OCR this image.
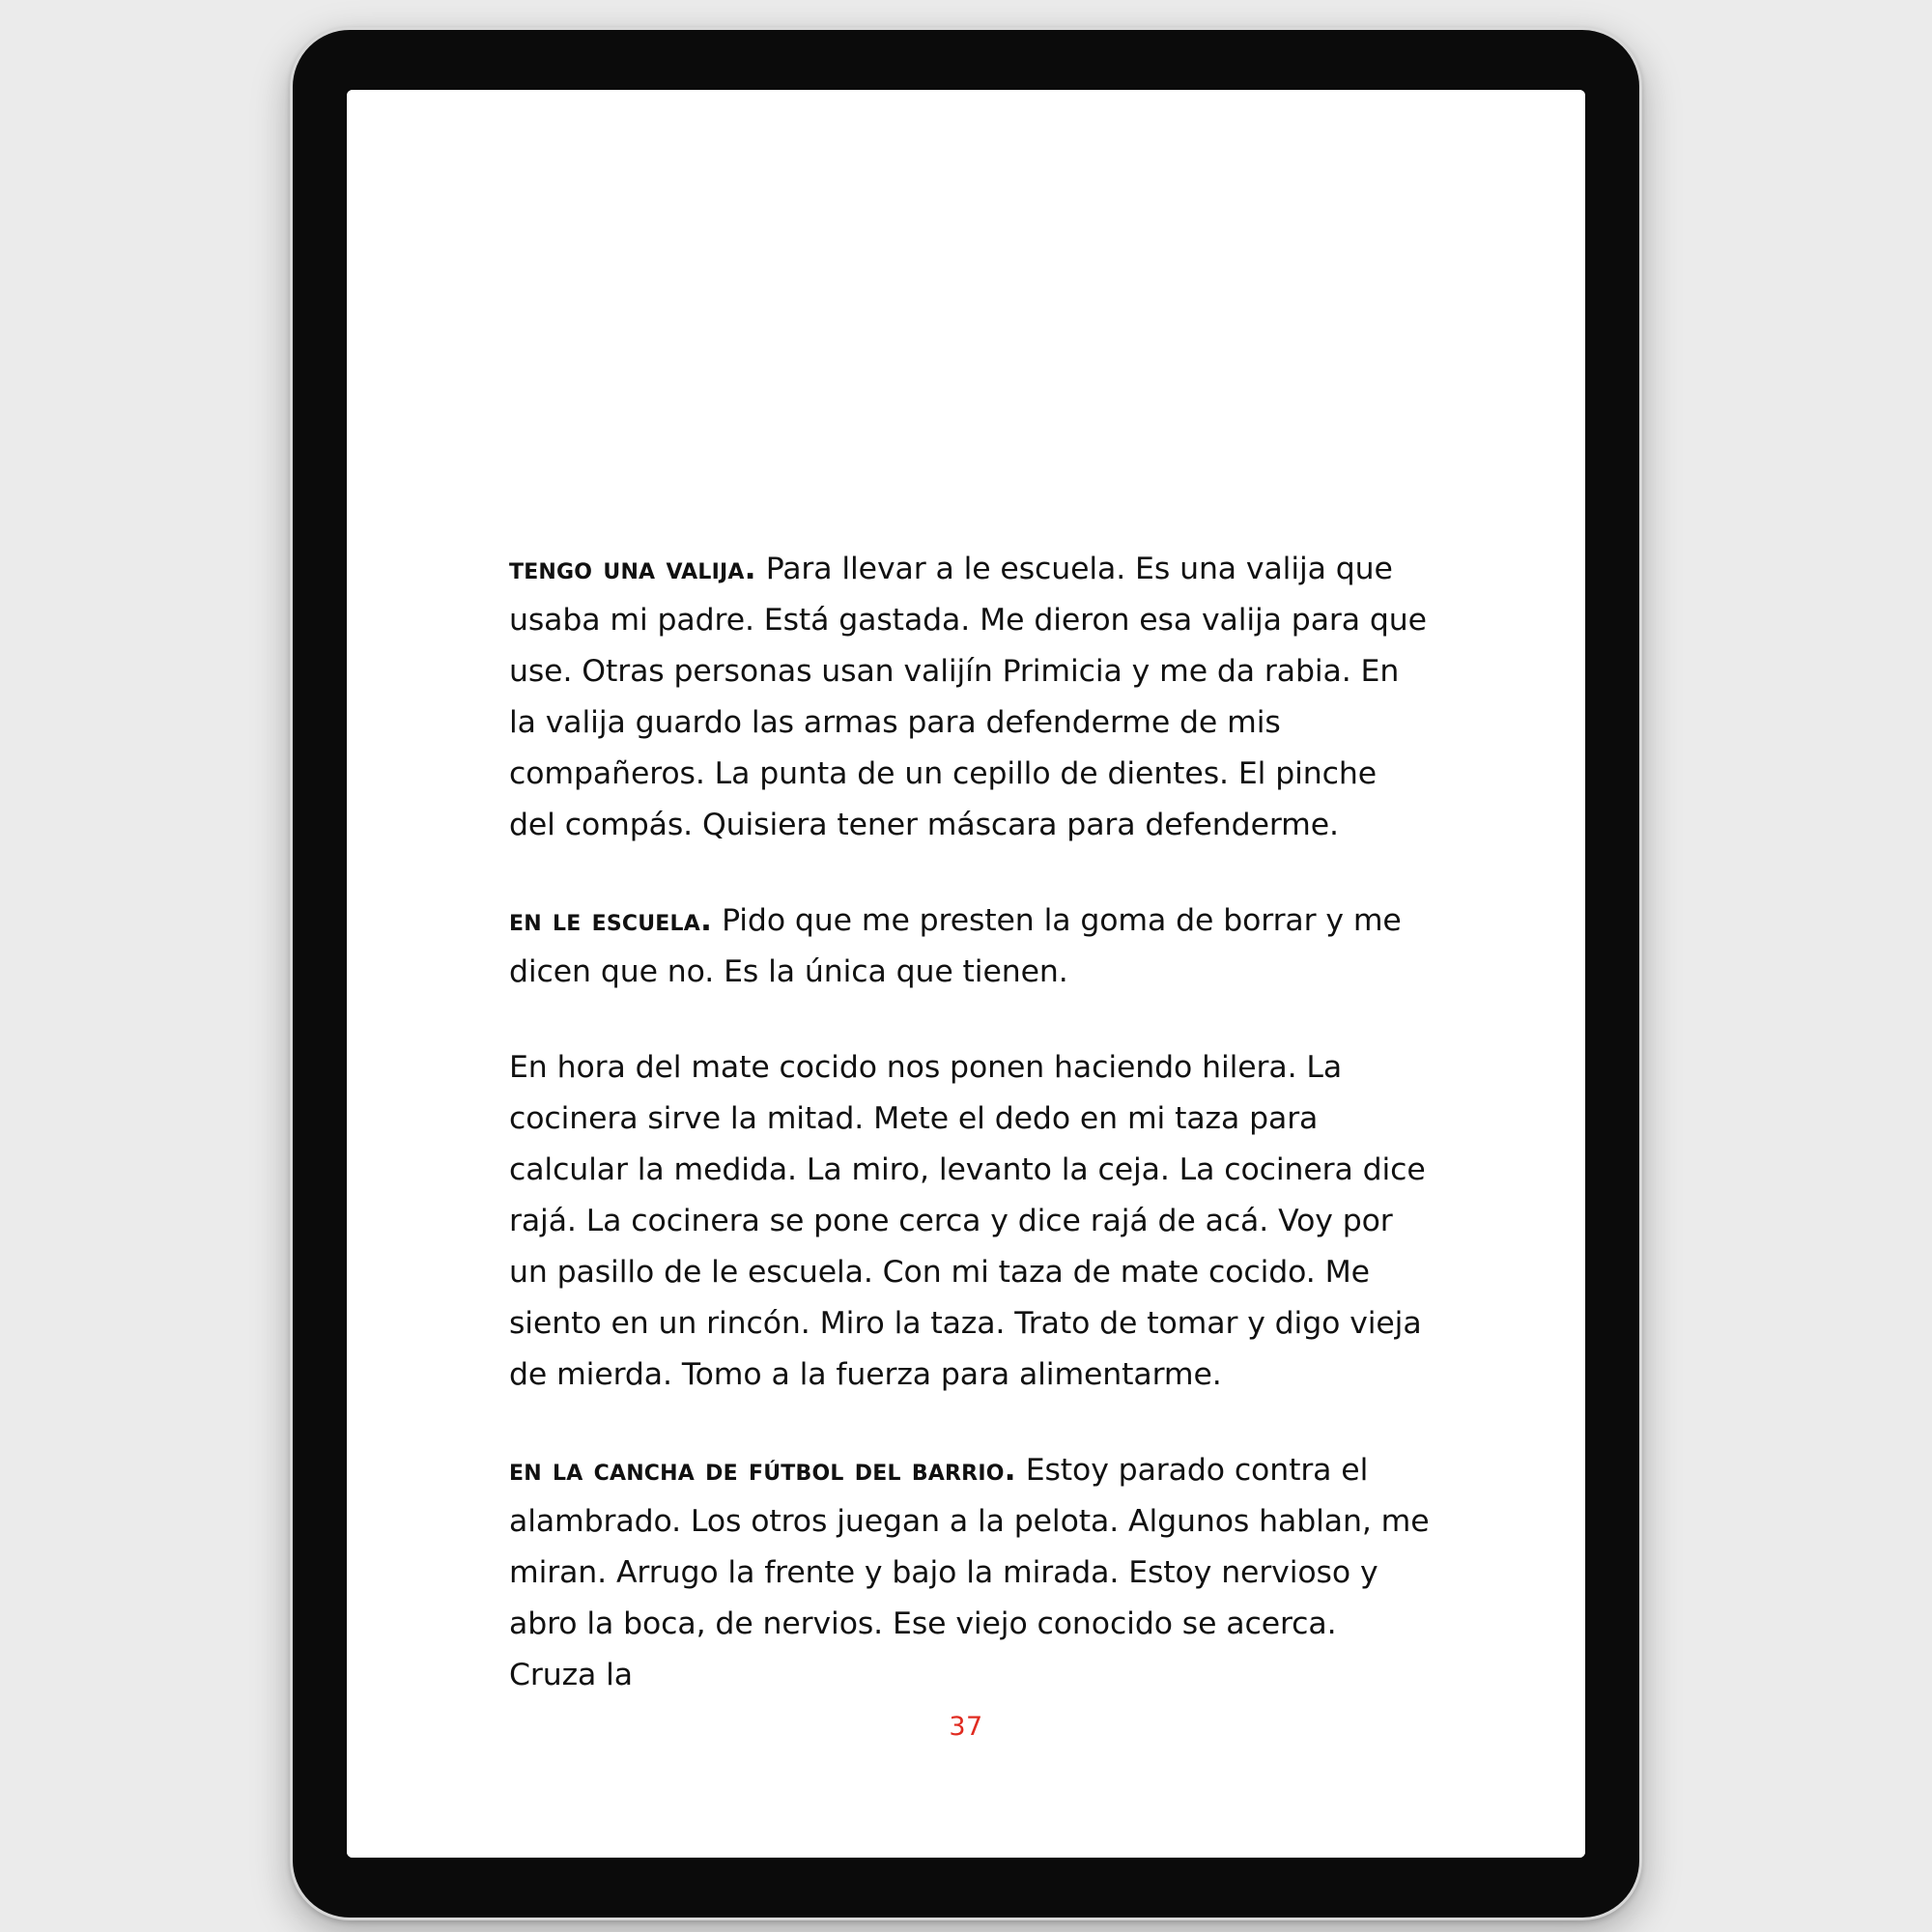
tengo una valija. Para llevar a le escuela. Es una valija que usaba mi padre. Está gastada. Me dieron esa valija para que use. Otras personas usan valijín Primicia y me da rabia. En la valija guardo las armas para defenderme de mis compañeros. La punta de un cepillo de dientes. El pinche del compás. Quisiera tener máscara para defenderme.

en le escuela. Pido que me presten la goma de borrar y me dicen que no. Es la única que tienen.

En hora del mate cocido nos ponen haciendo hilera. La cocinera sirve la mitad. Mete el dedo en mi taza para calcular la medida. La miro, levanto la ceja. La cocinera dice rajá. La cocinera se pone cerca y dice rajá de acá. Voy por un pasillo de le escuela. Con mi taza de mate cocido. Me siento en un rincón. Miro la taza. Trato de tomar y digo vieja de mierda. Tomo a la fuerza para alimentarme.

en la cancha de fútbol del barrio. Estoy parado contra el alambrado. Los otros juegan a la pelota. Algunos hablan, me miran. Arrugo la frente y bajo la mirada. Estoy nervioso y abro la boca, de nervios. Ese viejo conocido se acerca. Cruza la

37
